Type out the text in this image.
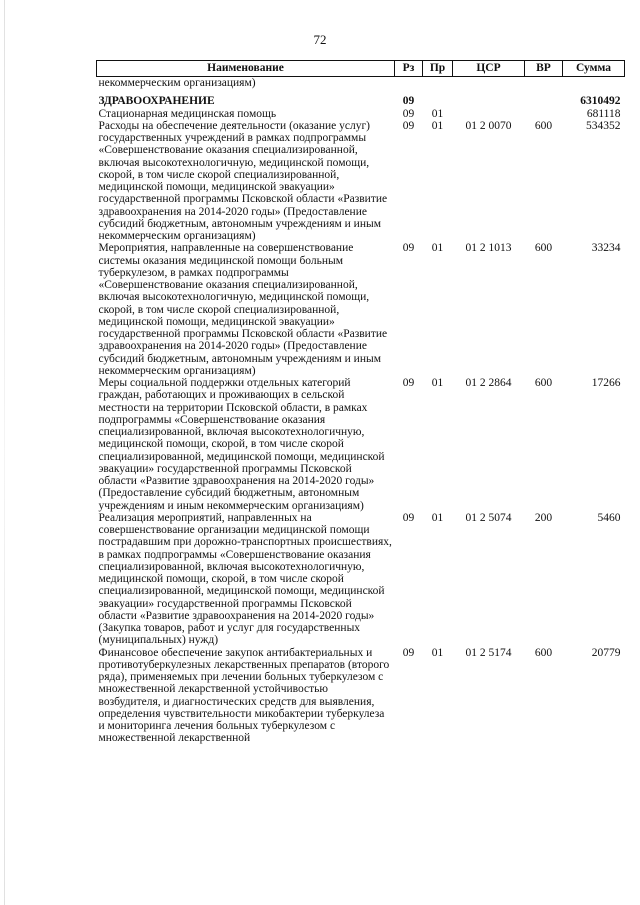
72
Наименование	Рз	Пр	ЦСР	ВР	Сумма
некоммерческим организациям)					
ЗДРАВООХРАНЕНИЕ	09				6310492
Стационарная медицинская помощь	09	01			681118
Расходы на обеспечение деятельности (оказание услуг) государственных учреждений в рамках подпрограммы «Совершенствование оказания специализированной, включая высокотехнологичную, медицинской помощи, скорой, в том числе скорой специализированной, медицинской помощи, медицинской эвакуации» государственной программы Псковской области «Развитие здравоохранения на 2014-2020 годы» (Предоставление субсидий бюджетным, автономным учреждениям и иным некоммерческим организациям)	09	01	01 2 0070	600	534352
Мероприятия, направленные на совершенствование системы оказания медицинской помощи больным туберкулезом, в рамках подпрограммы «Совершенствование оказания специализированной, включая высокотехнологичную, медицинской помощи, скорой, в том числе скорой специализированной, медицинской помощи, медицинской эвакуации» государственной программы Псковской области «Развитие здравоохранения на 2014-2020 годы» (Предоставление субсидий бюджетным, автономным учреждениям и иным некоммерческим организациям)	09	01	01 2 1013	600	33234
Меры социальной поддержки отдельных категорий граждан, работающих и проживающих в сельской местности на территории Псковской области, в рамках подпрограммы «Совершенствование оказания специализированной, включая высокотехнологичную, медицинской помощи, скорой, в том числе скорой специализированной, медицинской помощи, медицинской эвакуации» государственной программы Псковской области «Развитие здравоохранения на 2014-2020 годы» (Предоставление субсидий бюджетным, автономным учреждениям и иным некоммерческим организациям)	09	01	01 2 2864	600	17266
Реализация мероприятий, направленных на совершенствование организации медицинской помощи пострадавшим при дорожно-транспортных происшествиях, в рамках подпрограммы «Совершенствование оказания специализированной, включая высокотехнологичную, медицинской помощи, скорой, в том числе скорой специализированной, медицинской помощи, медицинской эвакуации» государственной программы Псковской области «Развитие здравоохранения на 2014-2020 годы» (Закупка товаров, работ и услуг для государственных (муниципальных) нужд)	09	01	01 2 5074	200	5460
Финансовое обеспечение закупок антибактериальных и противотуберкулезных лекарственных препаратов (второго ряда), применяемых при лечении больных туберкулезом с множественной лекарственной устойчивостью возбудителя, и диагностических средств для выявления, определения чувствительности микобактерии туберкулеза и мониторинга лечения больных туберкулезом с множественной лекарственной	09	01	01 2 5174	600	20779
